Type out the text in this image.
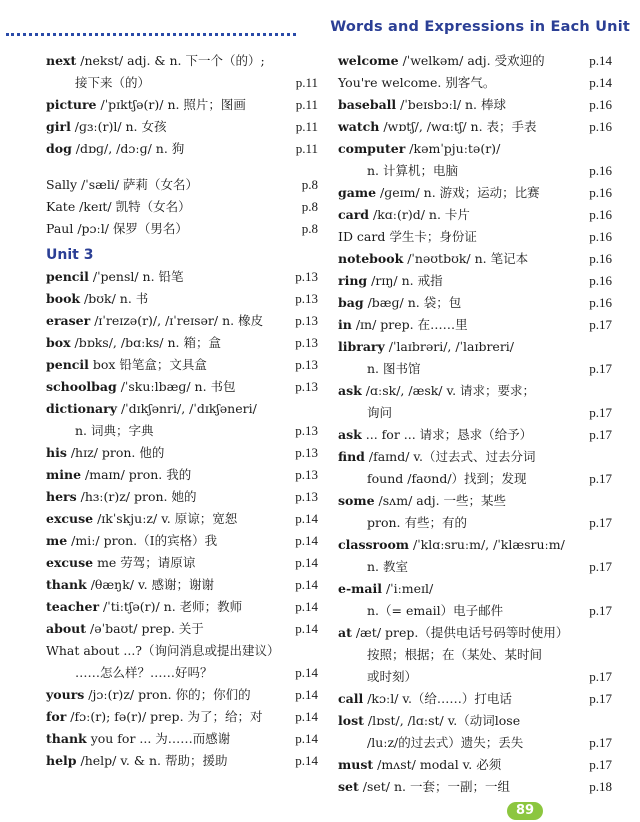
Words and Expressions in Each Unit
next /nekst/ adj. & n. 下一个（的）;
接下来（的）	p.11
picture /ˈpɪktʃə(r)/ n. 照片；图画	p.11
girl /ɡɜː(r)l/ n. 女孩	p.11
dog /dɒɡ/, /dɔːɡ/ n. 狗	p.11
Sally /ˈsæli/ 萨莉（女名）	p.8
Kate /keɪt/ 凯特（女名）	p.8
Paul /pɔːl/ 保罗（男名）	p.8
Unit 3
pencil /ˈpensl/ n. 铅笔	p.13
book /bʊk/ n. 书	p.13
eraser /ɪˈreɪzə(r)/, /ɪˈreɪsər/ n. 橡皮 p.13
box /bɒks/, /bɑːks/ n. 箱；盒	p.13
pencil box 铅笔盒；文具盒	p.13
schoolbag /ˈskuːlbæɡ/ n. 书包	p.13
dictionary /ˈdɪkʃənri/, /ˈdɪkʃəneri/
n. 词典；字典	p.13
his /hɪz/ pron. 他的	p.13
mine /maɪn/ pron. 我的	p.13
hers /hɜː(r)z/ pron. 她的	p.13
excuse /ɪkˈskjuːz/ v. 原谅；宽恕	p.14
me /miː/ pron.（I的宾格）我	p.14
excuse me 劳驾；请原谅	p.14
thank /θæŋk/ v. 感谢；谢谢	p.14
teacher /ˈtiːtʃə(r)/ n. 老师；教师	p.14
about /əˈbaʊt/ prep. 关于	p.14
What about ...?（询问消息或提出建议）
……怎么样？……好吗？	p.14
yours /jɔː(r)z/ pron. 你的；你们的	p.14
for /fɔː(r); fə(r)/ prep. 为了；给；对	p.14
thank you for ... 为……而感谢	p.14
help /help/ v. & n. 帮助；援助	p.14
welcome /ˈwelkəm/ adj. 受欢迎的	p.14
You're welcome. 别客气。	p.14
baseball /ˈbeɪsbɔːl/ n. 棒球	p.16
watch /wɒtʃ/, /wɑːtʃ/ n. 表；手表	p.16
computer /kəmˈpjuːtə(r)/
n. 计算机；电脑	p.16
game /ɡeɪm/ n. 游戏；运动；比赛	p.16
card /kɑː(r)d/ n. 卡片	p.16
ID card 学生卡；身份证	p.16
notebook /ˈnəʊtbʊk/ n. 笔记本	p.16
ring /rɪŋ/ n. 戒指	p.16
bag /bæɡ/ n. 袋；包	p.16
in /ɪn/ prep. 在……里	p.17
library /ˈlaɪbrəri/, /ˈlaɪbreri/
n. 图书馆	p.17
ask /ɑːsk/, /æsk/ v. 请求；要求；
询问	p.17
ask ... for ... 请求；恳求（给予）	p.17
find /faɪnd/ v.（过去式、过去分词
found /faʊnd/）找到；发现	p.17
some /sʌm/ adj. 一些；某些
pron. 有些；有的	p.17
classroom /ˈklɑːsruːm/, /ˈklæsruːm/
n. 教室	p.17
e-mail /ˈiːmeɪl/
n.（= email）电子邮件	p.17
at /æt/ prep.（提供电话号码等时使用）
按照；根据；在（某处、某时间
或时刻）	p.17
call /kɔːl/ v.（给……）打电话	p.17
lost /lɒst/, /lɑːst/ v.（动词lose
/luːz/的过去式）遗失；丢失	p.17
must /mʌst/ modal v. 必须	p.17
set /set/ n. 一套；一副；一组	p.18
89
